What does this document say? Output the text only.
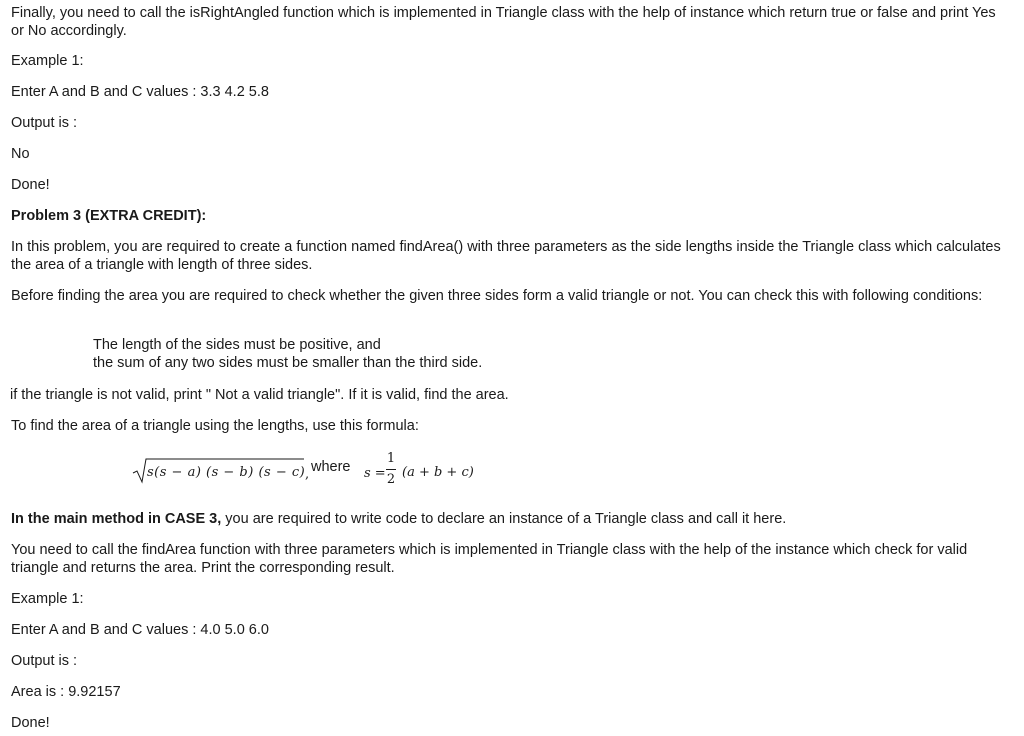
Finally, you need to call the isRightAngled function which is implemented in Triangle class with the help of instance which return true or false and print Yes or No accordingly.
Example 1:
Enter A and B and C values : 3.3 4.2 5.8
Output is :
No
Done!
Problem 3 (EXTRA CREDIT):
In this problem, you are required to create a function named findArea() with three parameters as the side lengths inside the Triangle class which calculates the area of a triangle with length of three sides.
Before finding the area you are required to check whether the given three sides form a valid triangle or not. You can check this with following conditions:
The length of the sides must be positive, and
the sum of any two sides must be smaller than the third side.
if the triangle is not valid, print " Not a valid triangle". If it is valid, find the area.
To find the area of a triangle using the lengths, use this formula:
s(s − a) (s − b) (s − c) , where s =
1
2 (a + b + c)
In the main method in CASE 3, you are required to write code to declare an instance of a Triangle class and call it here.
You need to call the findArea function with three parameters which is implemented in Triangle class with the help of the instance which check for valid triangle and returns the area. Print the corresponding result.
Example 1:
Enter A and B and C values : 4.0 5.0 6.0
Output is :
Area is : 9.92157
Done!
